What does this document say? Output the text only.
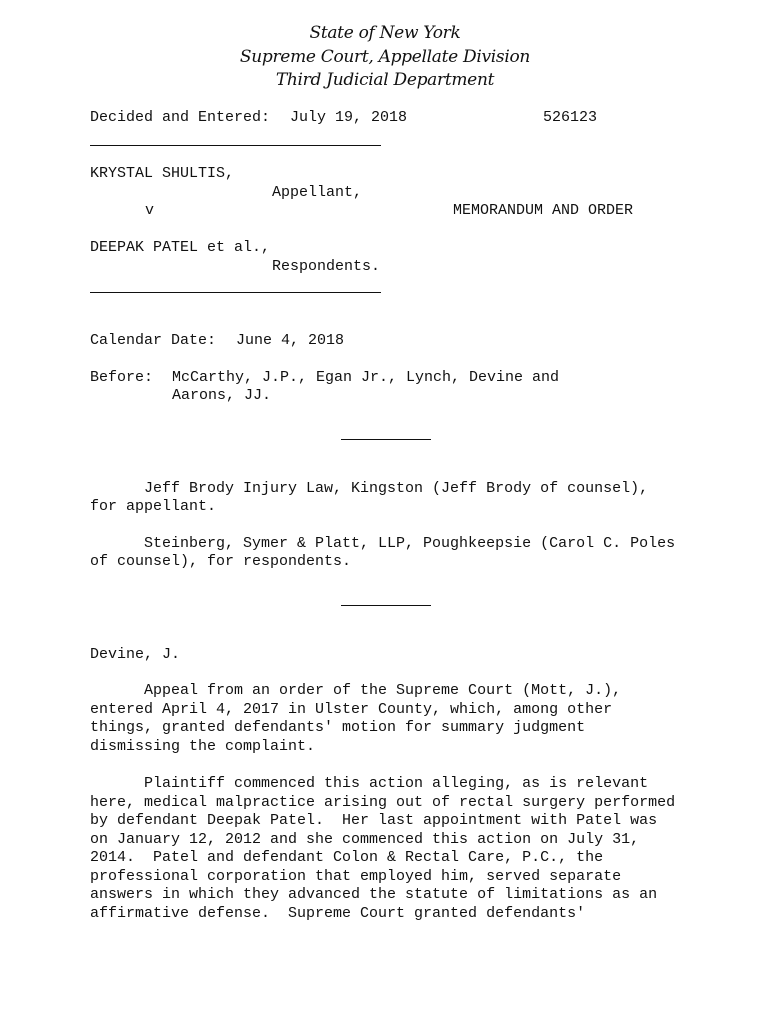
State of New York
Supreme Court, Appellate Division
Third Judicial Department
Decided and Entered: July 19, 2018	526123
KRYSTAL SHULTIS,
Appellant,
v	MEMORANDUM AND ORDER
DEEPAK PATEL et al.,
Respondents.
Calendar Date: June 4, 2018
Before: McCarthy, J.P., Egan Jr., Lynch, Devine and
Aarons, JJ.
Jeff Brody Injury Law, Kingston (Jeff Brody of counsel),
for appellant.
Steinberg, Symer & Platt, LLP, Poughkeepsie (Carol C. Poles
of counsel), for respondents.
Devine, J.
Appeal from an order of the Supreme Court (Mott, J.),
entered April 4, 2017 in Ulster County, which, among other
things, granted defendants' motion for summary judgment
dismissing the complaint.
Plaintiff commenced this action alleging, as is relevant
here, medical malpractice arising out of rectal surgery performed
by defendant Deepak Patel.  Her last appointment with Patel was
on January 12, 2012 and she commenced this action on July 31,
2014.  Patel and defendant Colon & Rectal Care, P.C., the
professional corporation that employed him, served separate
answers in which they advanced the statute of limitations as an
affirmative defense.  Supreme Court granted defendants'
